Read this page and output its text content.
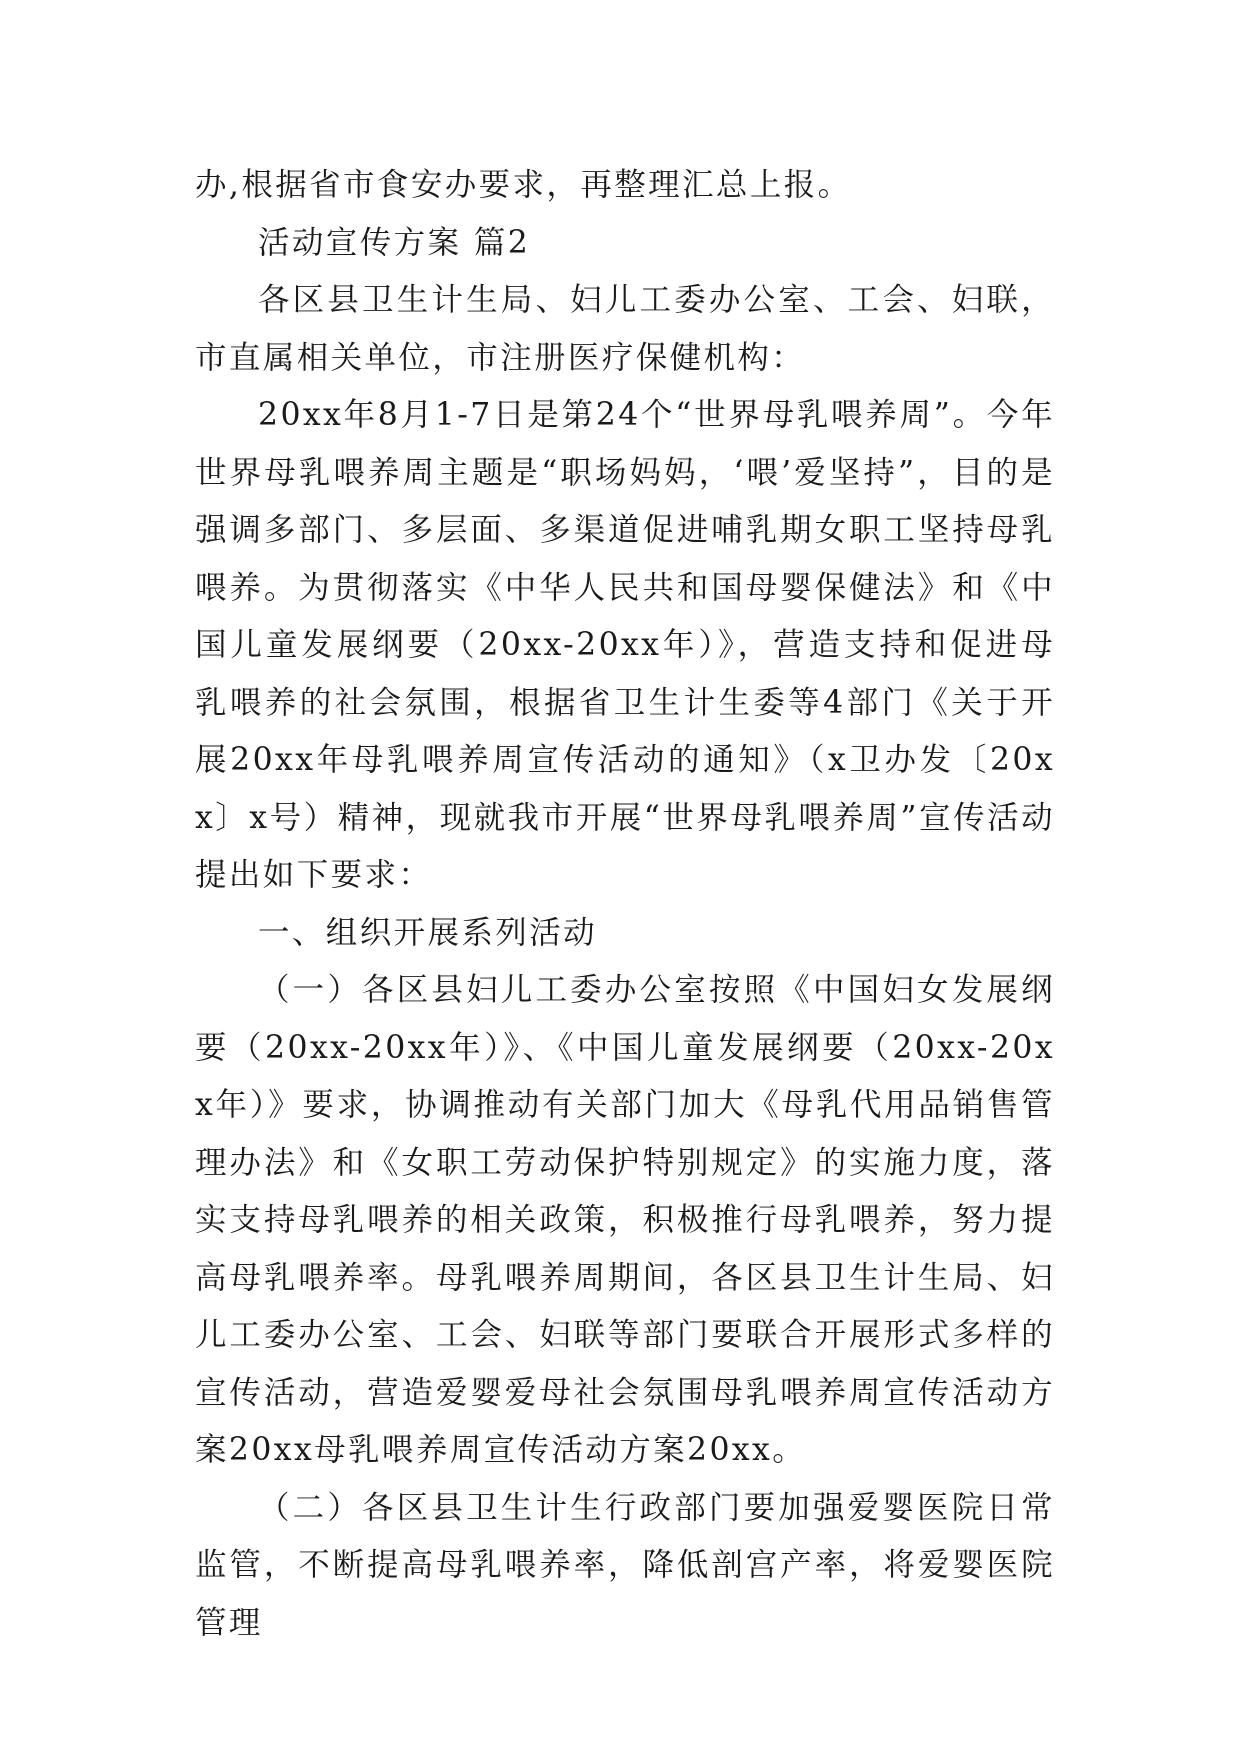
办,根据省市食安办要求，再整理汇总上报。

活动宣传方案 篇2

各区县卫生计生局、妇儿工委办公室、工会、妇联，市直属相关单位，市注册医疗保健机构：

20xx年8月1-7日是第24个“世界母乳喂养周”。今年世界母乳喂养周主题是“职场妈妈，‘喂’爱坚持”，目的是强调多部门、多层面、多渠道促进哺乳期女职工坚持母乳喂养。为贯彻落实《中华人民共和国母婴保健法》和《中国儿童发展纲要（20xx-20xx年）》，营造支持和促进母乳喂养的社会氛围，根据省卫生计生委等4部门《关于开展20xx年母乳喂养周宣传活动的通知》（x卫办发〔20xx〕x号）精神，现就我市开展“世界母乳喂养周”宣传活动提出如下要求：

一、组织开展系列活动

（一）各区县妇儿工委办公室按照《中国妇女发展纲要（20xx-20xx年）》、《中国儿童发展纲要（20xx-20xx年）》要求，协调推动有关部门加大《母乳代用品销售管理办法》和《女职工劳动保护特别规定》的实施力度，落实支持母乳喂养的相关政策，积极推行母乳喂养，努力提高母乳喂养率。母乳喂养周期间，各区县卫生计生局、妇儿工委办公室、工会、妇联等部门要联合开展形式多样的宣传活动，营造爱婴爱母社会氛围母乳喂养周宣传活动方案20xx母乳喂养周宣传活动方案20xx。

（二）各区县卫生计生行政部门要加强爱婴医院日常监管，不断提高母乳喂养率，降低剖宫产率，将爱婴医院管理
